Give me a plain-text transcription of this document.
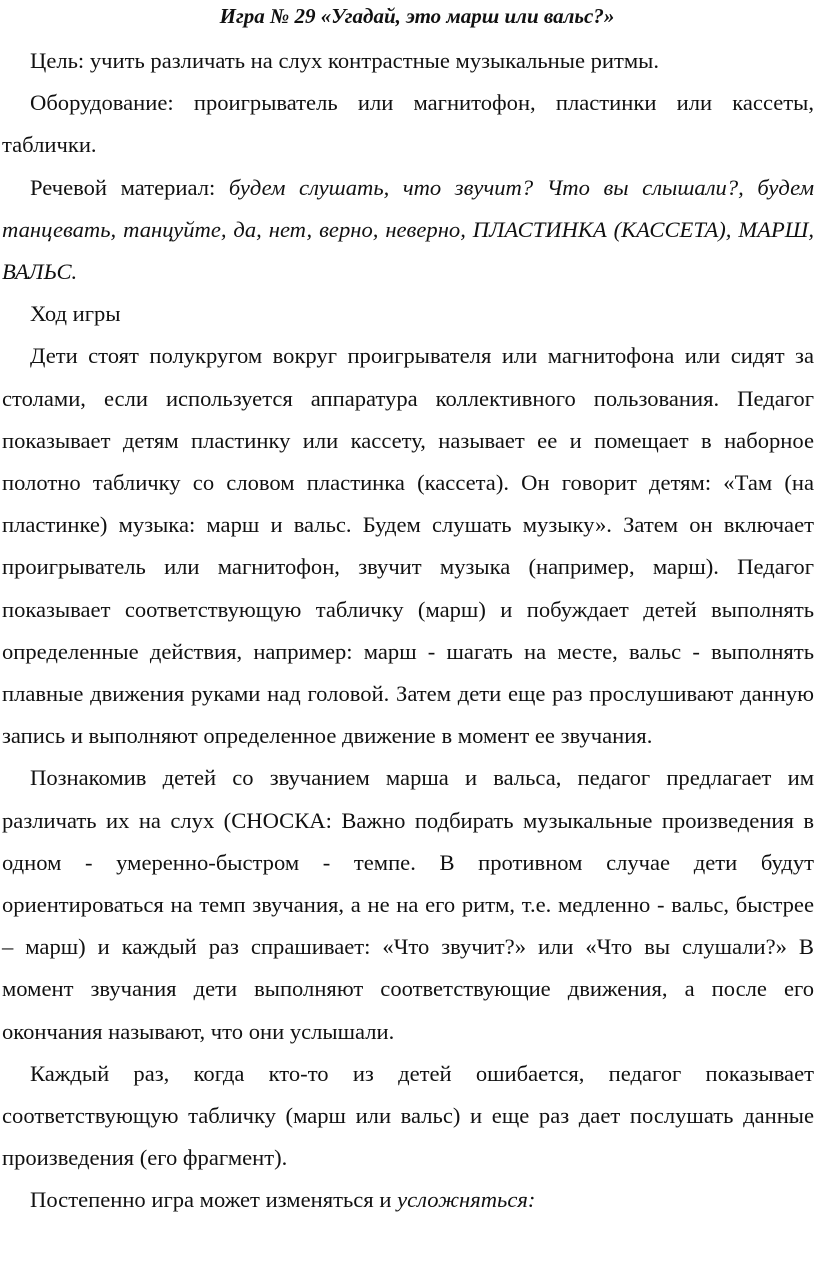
Игра № 29 «Угадай, это марш или вальс?»

Цель: учить различать на слух контрастные музыкальные ритмы.

Оборудование: проигрыватель или магнитофон, пластинки или кассеты, таблички.

Речевой материал: будем слушать, что звучит? Что вы слышали?, будем танцевать, танцуйте, да, нет, верно, неверно, ПЛАСТИНКА (КАССЕТА), МАРШ, ВАЛЬС.

Ход игры

Дети стоят полукругом вокруг проигрывателя или магнитофона или сидят за столами, если используется аппаратура коллективного пользования. Педагог показывает детям пластинку или кассету, называет ее и помещает в наборное полотно табличку со словом пластинка (кассета). Он говорит детям: «Там (на пластинке) музыка: марш и вальс. Будем слушать музыку». Затем он включает проигрыватель или магнитофон, звучит музыка (например, марш). Педагог показывает соответствующую табличку (марш) и побуждает детей выполнять определенные действия, например: марш - шагать на месте, вальс - выполнять плавные движения руками над головой. Затем дети еще раз прослушивают данную запись и выполняют определенное движение в момент ее звучания.

Познакомив детей со звучанием марша и вальса, педагог предлагает им различать их на слух (СНОСКА: Важно подбирать музыкальные произведения в одном - умеренно-быстром - темпе. В противном случае дети будут ориентироваться на темп звучания, а не на его ритм, т.е. медленно - вальс, быстрее – марш) и каждый раз спрашивает: «Что звучит?» или «Что вы слушали?» В момент звучания дети выполняют соответствующие движения, а после его окончания называют, что они услышали.

Каждый раз, когда кто-то из детей ошибается, педагог показывает соответствующую табличку (марш или вальс) и еще раз дает послушать данные произведения (его фрагмент).

Постепенно игра может изменяться и усложняться:
